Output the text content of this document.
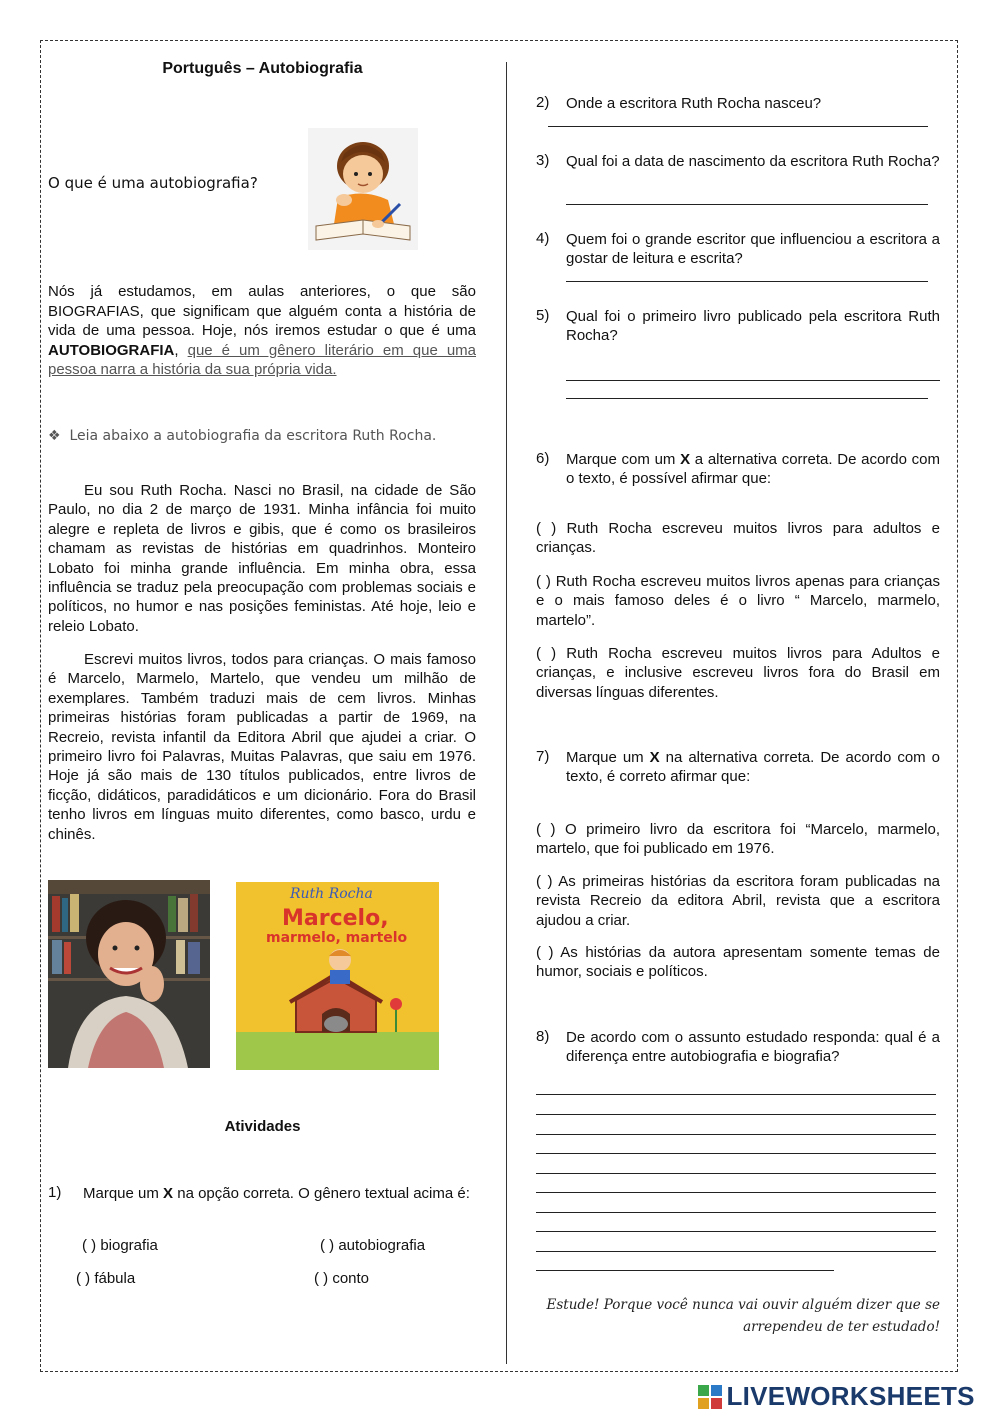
Português – Autobiografia
O que é uma autobiografia?
Nós já estudamos, em aulas anteriores, o que são BIOGRAFIAS, que significam que alguém conta a história de vida de uma pessoa. Hoje, nós iremos estudar o que é uma AUTOBIOGRAFIA, que é um gênero literário em que uma pessoa narra a história da sua própria vida.
❖ Leia abaixo a autobiografia da escritora Ruth Rocha.
Eu sou Ruth Rocha. Nasci no Brasil, na cidade de São Paulo, no dia 2 de março de 1931. Minha infância foi muito alegre e repleta de livros e gibis, que é como os brasileiros chamam as revistas de histórias em quadrinhos. Monteiro Lobato foi minha grande influência. Em minha obra, essa influência se traduz pela preocupação com problemas sociais e políticos, no humor e nas posições feministas. Até hoje, leio e releio Lobato.
Escrevi muitos livros, todos para crianças. O mais famoso é Marcelo, Marmelo, Martelo, que vendeu um milhão de exemplares. Também traduzi mais de cem livros. Minhas primeiras histórias foram publicadas a partir de 1969, na Recreio, revista infantil da Editora Abril que ajudei a criar. O primeiro livro foi Palavras, Muitas Palavras, que saiu em 1976. Hoje já são mais de 130 títulos publicados, entre livros de ficção, didáticos, paradidáticos e um dicionário. Fora do Brasil tenho livros em línguas muito diferentes, como basco, urdu e chinês.
Ruth Rocha
Marcelo,
marmelo, martelo
Atividades
1) Marque um X na opção correta. O gênero textual acima é:
( ) biografia	( ) autobiografia
( ) fábula	( ) conto
2) Onde a escritora Ruth Rocha nasceu?
3) Qual foi a data de nascimento da escritora Ruth Rocha?
4) Quem foi o grande escritor que influenciou a escritora a gostar de leitura e escrita?
5) Qual foi o primeiro livro publicado pela escritora Ruth Rocha?
6) Marque com um X a alternativa correta. De acordo com o texto, é possível afirmar que:
( ) Ruth Rocha escreveu muitos livros para adultos e crianças.
( ) Ruth Rocha escreveu muitos livros apenas para crianças e o mais famoso deles é o livro “ Marcelo, marmelo, martelo”.
( ) Ruth Rocha escreveu muitos livros para Adultos e crianças, e inclusive escreveu livros fora do Brasil em diversas línguas diferentes.
7) Marque um X na alternativa correta. De acordo com o texto, é correto afirmar que:
( ) O primeiro livro da escritora foi “Marcelo, marmelo, martelo, que foi publicado em 1976.
( ) As primeiras histórias da escritora foram publicadas na revista Recreio da editora Abril, revista que a escritora ajudou a criar.
( ) As histórias da autora apresentam somente temas de humor, sociais e políticos.
8) De acordo com o assunto estudado responda: qual é a diferença entre autobiografia e biografia?
Estude! Porque você nunca vai ouvir alguém dizer que se
arrependeu de ter estudado!
LIVEWORKSHEETS
